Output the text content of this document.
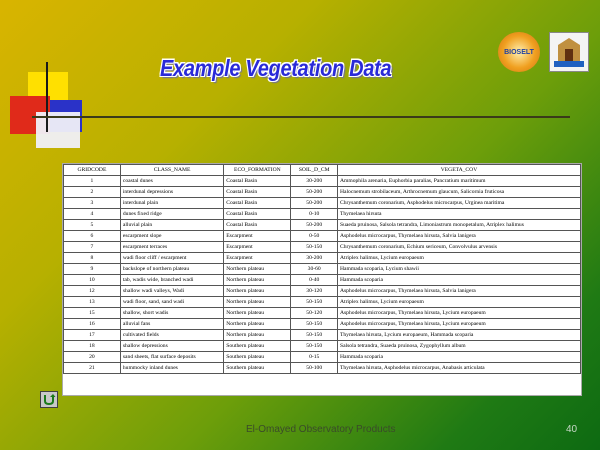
Example Vegetation Data
BIOSELT
GRIDCODE	CLASS_NAME	ECO_FORMATION	SOIL_D_CM	VEGETA_COV
1	coastal dunes	Coastal Basin	30-200	Ammophila arenaria, Euphorbia paralias, Pancratium maritimum
2	interdunal depressions	Coastal Basin	50-200	Halocnemum strobilaceum, Arthrocnemum glaucum, Salicornia fruticosa
3	interdunal plain	Coastal Basin	50-200	Chrysanthemum coronarium, Asphodelus microcarpus, Urginea maritima
4	dunes fixed ridge	Coastal Basin	0-10	Thymelaea hirsuta
5	alluvial plain	Coastal Basin	50-200	Suaeda pruinosa, Salsola tetrandra, Limoniastrum monopetalum, Atriplex halimus
6	escarpment slope	Escarpment	0-50	Asphodelus microcarpus, Thymelaea hirsuta, Salvia lanigera
7	escarpment terraces	Escarpment	50-150	Chrysanthemum coronarium, Echium sericeum, Convolvulus arvensis
8	wadi floor cliff / escarpment	Escarpment	30-200	Atriplex halimus, Lycium europaeum
9	backslope of northern plateau	Northern plateau	30-60	Hammada scoparia, Lycium shawii
10	tab, wadis wide, branched wadi	Northern plateau	0-40	Hammada scoparia
12	shallow wadi valleys, Wadi	Northern plateau	30-120	Asphodelus microcarpus, Thymelaea hirsuta, Salvia lanigera
13	wadi floor, sand, sand wadi	Northern plateau	50-150	Atriplex halimus, Lycium europaeum
15	shallow, short wadis	Northern plateau	50-120	Asphodelus microcarpus, Thymelaea hirsuta, Lycium europaeum
16	alluvial fans	Northern plateau	50-150	Asphodelus microcarpus, Thymelaea hirsuta, Lycium europaeum
17	cultivated fields	Northern plateau	50-150	Thymelaea hirsuta, Lycium europaeum, Hammada scoparia
18	shallow depressions	Southern plateau	50-150	Salsola tetrandra, Suaeda pruinosa, Zygophyllum album
20	sand sheets, flat surface deposits	Southern plateau	0-15	Hammada scoparia
21	hummocky inland dunes	Southern plateau	50-100	Thymelaea hirsuta, Asphodelus microcarpus, Anabasis articulata
El-Omayed Observatory Products	40
